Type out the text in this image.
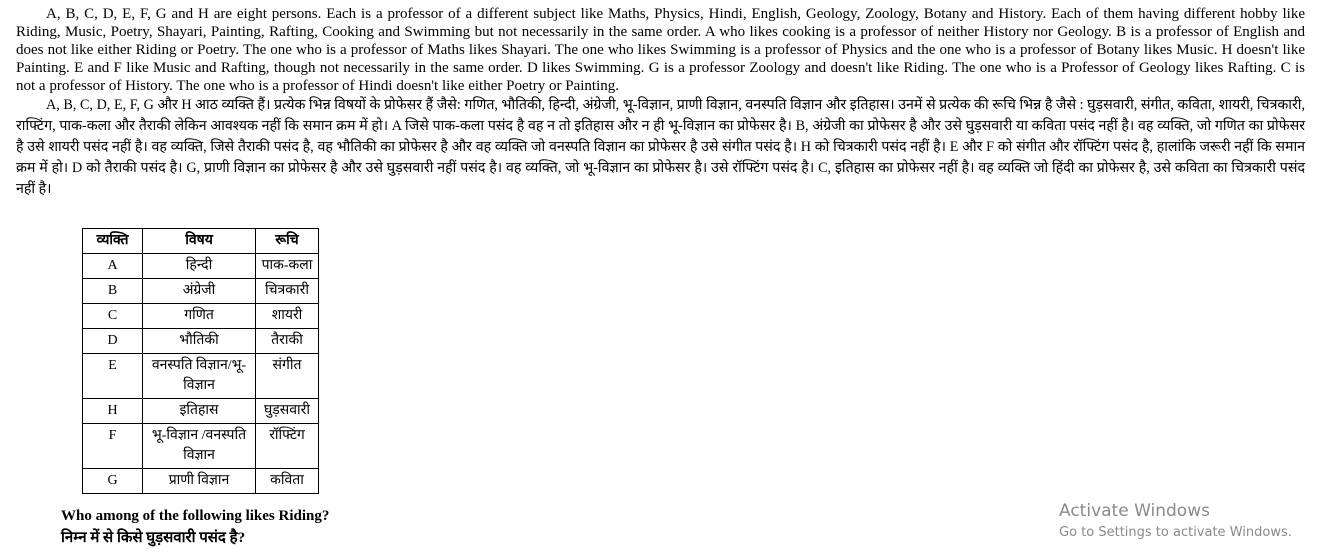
A, B, C, D, E, F, G and H are eight persons. Each is a professor of a different subject like Maths, Physics, Hindi, English, Geology, Zoology, Botany and History. Each of them having different hobby like Riding, Music, Poetry, Shayari, Painting, Rafting, Cooking and Swimming but not necessarily in the same order. A who likes cooking is a professor of neither History nor Geology. B is a professor of English and does not like either Riding or Poetry. The one who is a professor of Maths likes Shayari. The one who likes Swimming is a professor of Physics and the one who is a professor of Botany likes Music. H doesn't like Painting. E and F like Music and Rafting, though not necessarily in the same order. D likes Swimming. G is a professor Zoology and doesn't like Riding. The one who is a Professor of Geology likes Rafting. C is not a professor of History. The one who is a professor of Hindi doesn't like either Poetry or Painting.

A, B, C, D, E, F, G और H आठ व्यक्ति हैं। प्रत्येक भिन्न विषयों के प्रोफेसर हैं जैसे: गणित, भौतिकी, हिन्दी, अंग्रेजी, भू-विज्ञान, प्राणी विज्ञान, वनस्पति विज्ञान और इतिहास। उनमें से प्रत्येक की रूचि भिन्न है जैसे : घुड़सवारी, संगीत, कविता, शायरी, चित्रकारी, राफ्टिंग, पाक-कला और तैराकी लेकिन आवश्यक नहीं कि समान क्रम में हो। A जिसे पाक-कला पसंद है वह न तो इतिहास और न ही भू-विज्ञान का प्रोफेसर है। B, अंग्रेजी का प्रोफेसर है और उसे घुड़सवारी या कविता पसंद नहीं है। वह व्यक्ति, जो गणित का प्रोफेसर है उसे शायरी पसंद नहीं है। वह व्यक्ति, जिसे तैराकी पसंद है, वह भौतिकी का प्रोफेसर है और वह व्यक्ति जो वनस्पति विज्ञान का प्रोफेसर है उसे संगीत पसंद है। H को चित्रकारी पसंद नहीं है। E और F को संगीत और रॉफ्टिंग पसंद है, हालांकि जरूरी नहीं कि समान क्रम में हो। D को तैराकी पसंद है। G, प्राणी विज्ञान का प्रोफेसर है और उसे घुड़सवारी नहीं पसंद है। वह व्यक्ति, जो भू-विज्ञान का प्रोफेसर है। उसे रॉफ्टिंग पसंद है। C, इतिहास का प्रोफेसर नहीं है। वह व्यक्ति जो हिंदी का प्रोफेसर है, उसे कविता का चित्रकारी पसंद नहीं है।

व्यक्ति	विषय	रूचि
A	हिन्दी	पाक-कला
B	अंग्रेजी	चित्रकारी
C	गणित	शायरी
D	भौतिकी	तैराकी
E	वनस्पति विज्ञान/भू-विज्ञान	संगीत
H	इतिहास	घुड़सवारी
F	भू-विज्ञान /वनस्पति विज्ञान	रॉफ्टिंग
G	प्राणी विज्ञान	कविता

Who among of the following likes Riding?

निम्न में से किसे घुड़सवारी पसंद है?

Activate Windows
Go to Settings to activate Windows.
